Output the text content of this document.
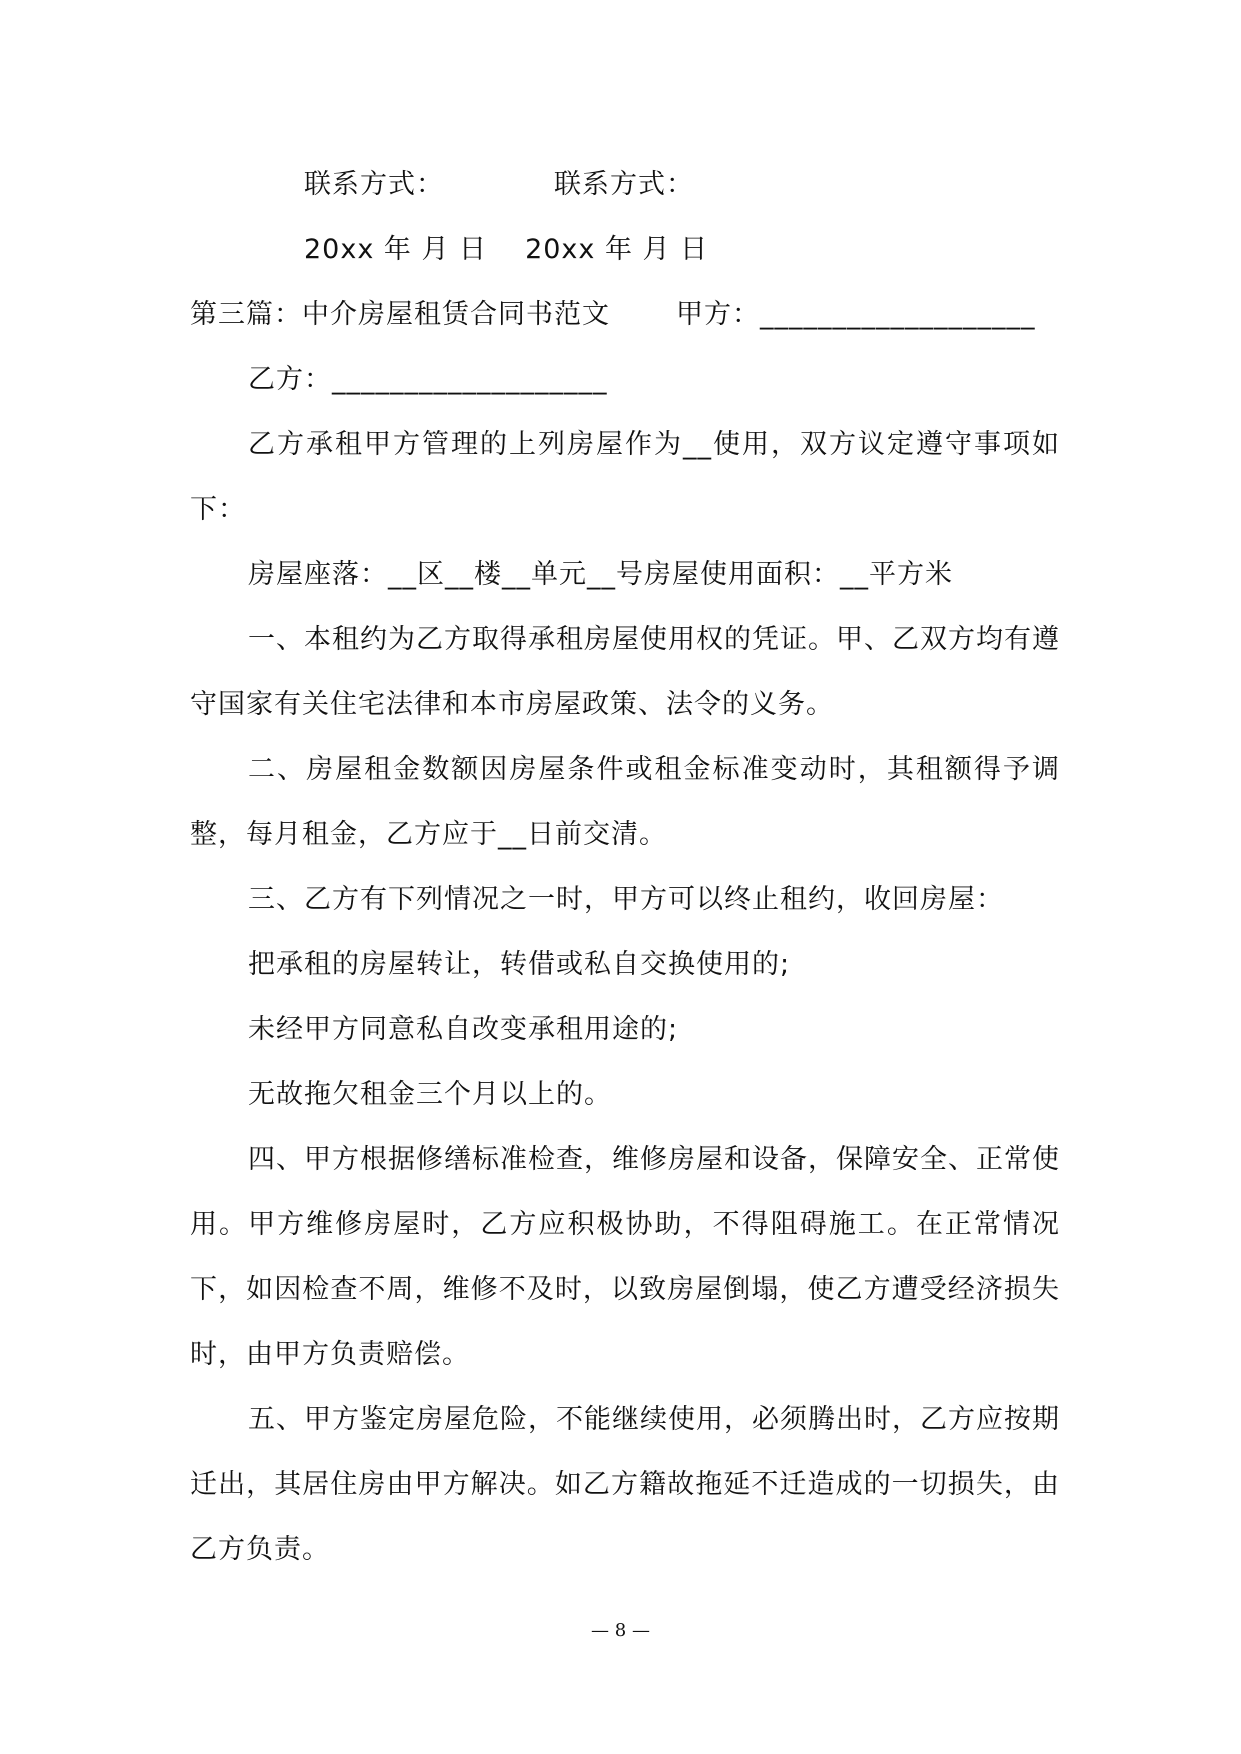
联系方式：	联系方式：
20xx 年 月 日 20xx 年 月 日
第三篇：中介房屋租赁合同书范文 甲方：___________________
乙方：___________________

乙方承租甲方管理的上列房屋作为__使用，双方议定遵守事项如下：

房屋座落：__区__楼__单元__号房屋使用面积：__平方米

一、本租约为乙方取得承租房屋使用权的凭证。甲、乙双方均有遵守国家有关住宅法律和本市房屋政策、法令的义务。

二、房屋租金数额因房屋条件或租金标准变动时，其租额得予调整，每月租金，乙方应于__日前交清。

三、乙方有下列情况之一时，甲方可以终止租约，收回房屋：
把承租的房屋转让，转借或私自交换使用的;
未经甲方同意私自改变承租用途的;
无故拖欠租金三个月以上的。

四、甲方根据修缮标准检查，维修房屋和设备，保障安全、正常使用。甲方维修房屋时，乙方应积极协助，不得阻碍施工。在正常情况下，如因检查不周，维修不及时，以致房屋倒塌，使乙方遭受经济损失时，由甲方负责赔偿。

五、甲方鉴定房屋危险，不能继续使用，必须腾出时，乙方应按期迁出，其居住房由甲方解决。如乙方籍故拖延不迁造成的一切损失，由乙方负责。

— 8 —
